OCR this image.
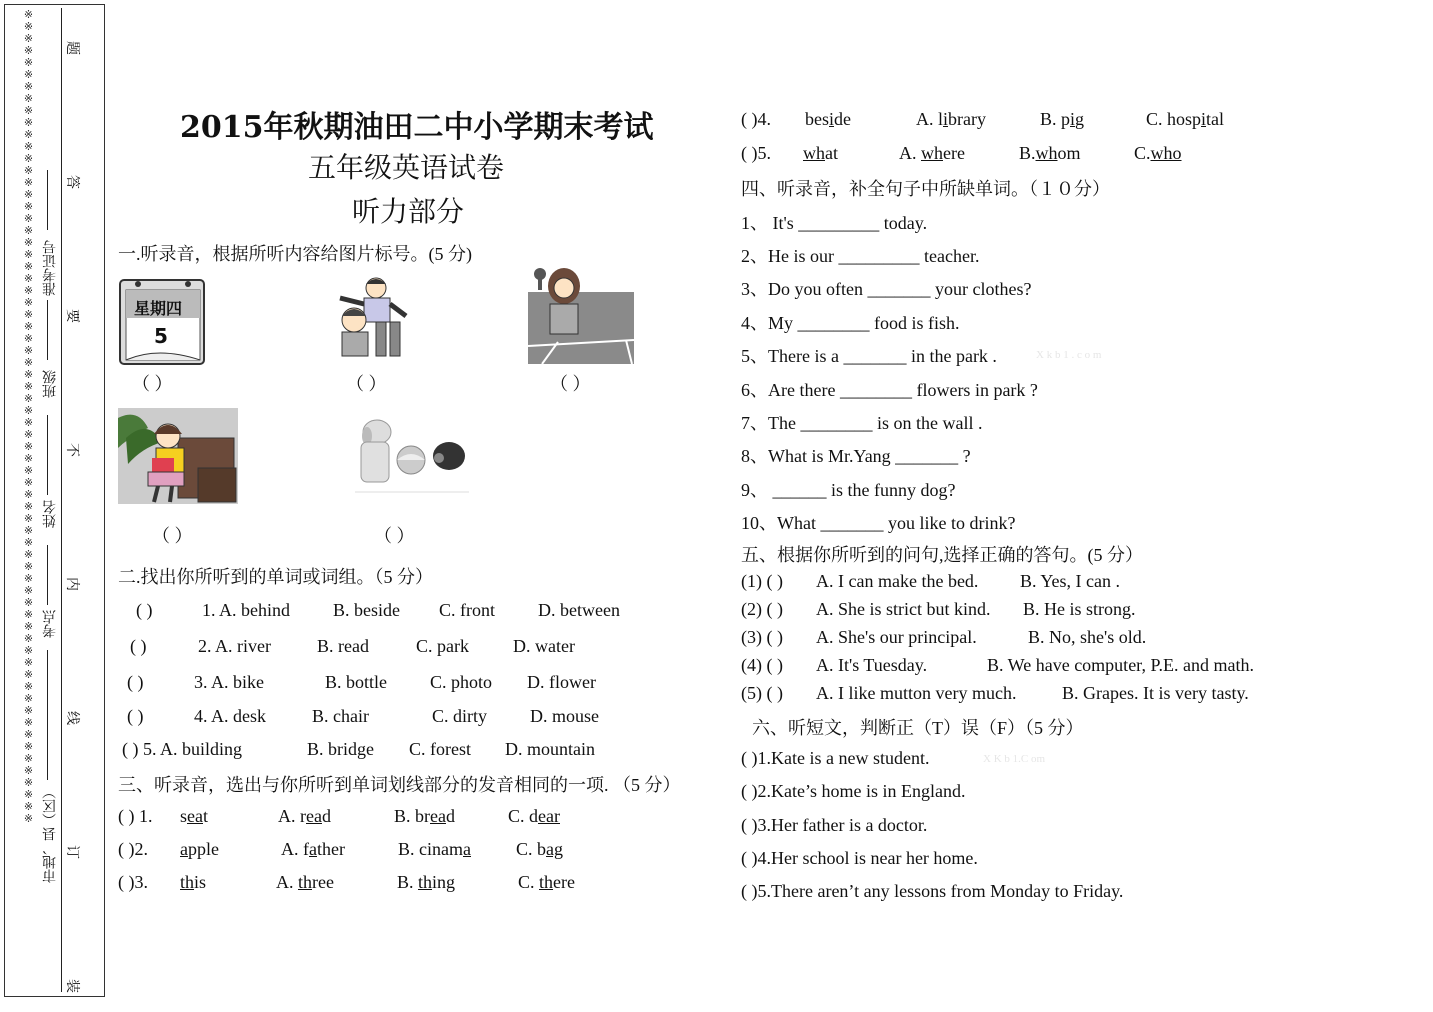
※※※※※※※※※※※※※※※※※※※※※※※※※※※※※※※※※※※※※※※※※※※※※※※※※※※※※※※※※※※※※※※※※※※※
市地、县（区）
考点
姓名
班级
准考证号
题
答
要
不
内
线
订
装
2015年秋期油田二中小学期末考试
五年级英语试卷
听力部分
一.听录音，根据所听内容给图片标号。(5 分)
星期四
5
（ ）	（ ）	（ ）
（ ）	（ ）
二.找出你所听到的单词或词组。（5 分）
( )	1. A. behind B. beside C. front D. between
( )	2. A. river	B. read	C. park D. water
( )	3. A. bike	B. bottle C. photo D. flower
( )	4. A. desk	B. chair	C. dirty D. mouse
( ) 5. A. building	B. bridge C. forest D. mountain
三、听录音，选出与你所听到单词划线部分的发音相同的一项. （5 分）
( ) 1. seat	A. read	B. bread	C. dear
( )2. apple	A. father	B. cinama	C. bag
( )3. this	A. three	B. thing	C. there
( )4. beside	A. library	B. pig	C. hospital
( )5. what	A. where	B.whom	C.who
四、听录音，补全句子中所缺单词。（１０分）
1、 It's _________ today.
2、He is our _________ teacher.
3、Do you often _______ your clothes?
4、My ________ food is fish.
5、There is a _______ in the park .	X k b 1 . c o m
6、Are there ________ flowers in park ?
7、The ________ is on the wall .
8、What is Mr.Yang _______ ?
9、 ______ is the funny dog?
10、What _______ you like to drink?
五、根据你所听到的问句,选择正确的答句。(5 分）
(1) ( ) A. I can make the bed. B. Yes, I can .
(2) ( ) A. She is strict but kind. B. He is strong.
(3) ( ) A. She's our principal.	B. No, she's old.
(4) ( ) A. It's Tuesday.	B. We have computer, P.E. and math.
(5) ( ) A. I like mutton very much.	B. Grapes. It is very tasty.
六、听短文，判断正（T）误（F）（5 分）
( )1.Kate is a new student.	X K b 1.C om
( )2.Kate’s home is in England.
( )3.Her father is a doctor.
( )4.Her school is near her home.
( )5.There aren’t any lessons from Monday to Friday.
